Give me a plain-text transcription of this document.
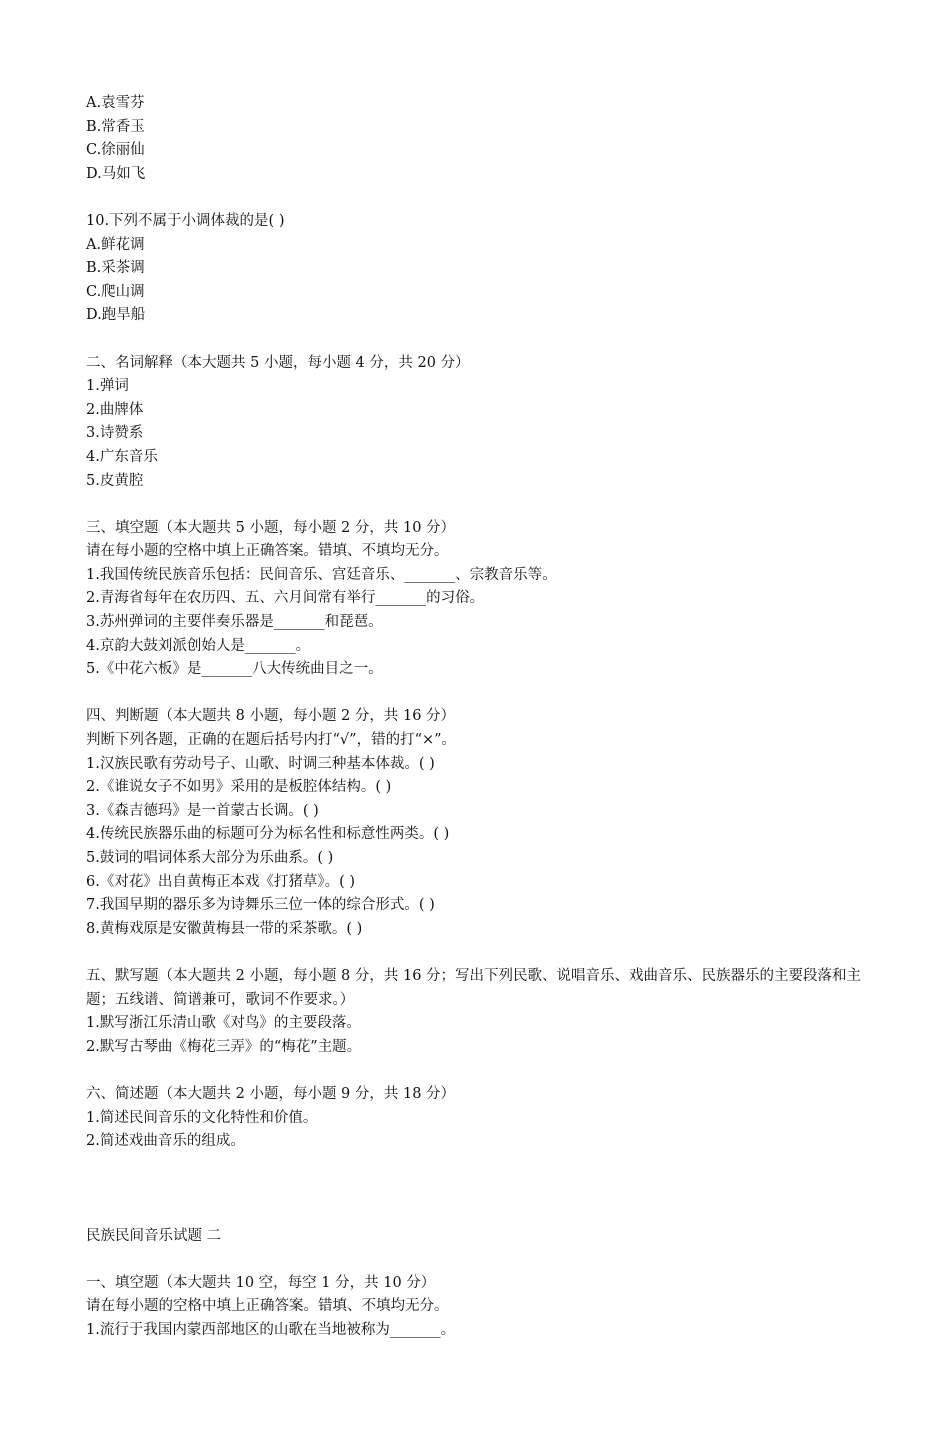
A.袁雪芬
B.常香玉
C.徐丽仙
D.马如飞
10.下列不属于小调体裁的是( )
A.鲜花调
B.采茶调
C.爬山调
D.跑旱船
二、名词解释（本大题共 5 小题，每小题 4 分，共 20 分）
1.弹词
2.曲牌体
3.诗赞系
4.广东音乐
5.皮黄腔
三、填空题（本大题共 5 小题，每小题 2 分，共 10 分）
请在每小题的空格中填上正确答案。错填、不填均无分。
1.我国传统民族音乐包括：民间音乐、宫廷音乐、_______、宗教音乐等。
2.青海省每年在农历四、五、六月间常有举行_______的习俗。
3.苏州弹词的主要伴奏乐器是_______和琵琶。
4.京韵大鼓刘派创始人是_______。
5.《中花六板》是_______八大传统曲目之一。
四、判断题（本大题共 8 小题，每小题 2 分，共 16 分）
判断下列各题，正确的在题后括号内打“√”，错的打“×”。
1.汉族民歌有劳动号子、山歌、时调三种基本体裁。( )
2.《谁说女子不如男》采用的是板腔体结构。( )
3.《森吉德玛》是一首蒙古长调。( )
4.传统民族器乐曲的标题可分为标名性和标意性两类。( )
5.鼓词的唱词体系大部分为乐曲系。( )
6.《对花》出自黄梅正本戏《打猪草》。( )
7.我国早期的器乐多为诗舞乐三位一体的综合形式。( )
8.黄梅戏原是安徽黄梅县一带的采茶歌。( )
五、默写题（本大题共 2 小题，每小题 8 分，共 16 分；写出下列民歌、说唱音乐、戏曲音乐、民族器乐的主要段落和主题；五线谱、简谱兼可，歌词不作要求。）
1.默写浙江乐清山歌《对鸟》的主要段落。
2.默写古琴曲《梅花三弄》的“梅花”主题。
六、简述题（本大题共 2 小题，每小题 9 分，共 18 分）
1.简述民间音乐的文化特性和价值。
2.简述戏曲音乐的组成。
民族民间音乐试题 二
一、填空题（本大题共 10 空，每空 1 分，共 10 分）
请在每小题的空格中填上正确答案。错填、不填均无分。
1.流行于我国内蒙西部地区的山歌在当地被称为_______。
